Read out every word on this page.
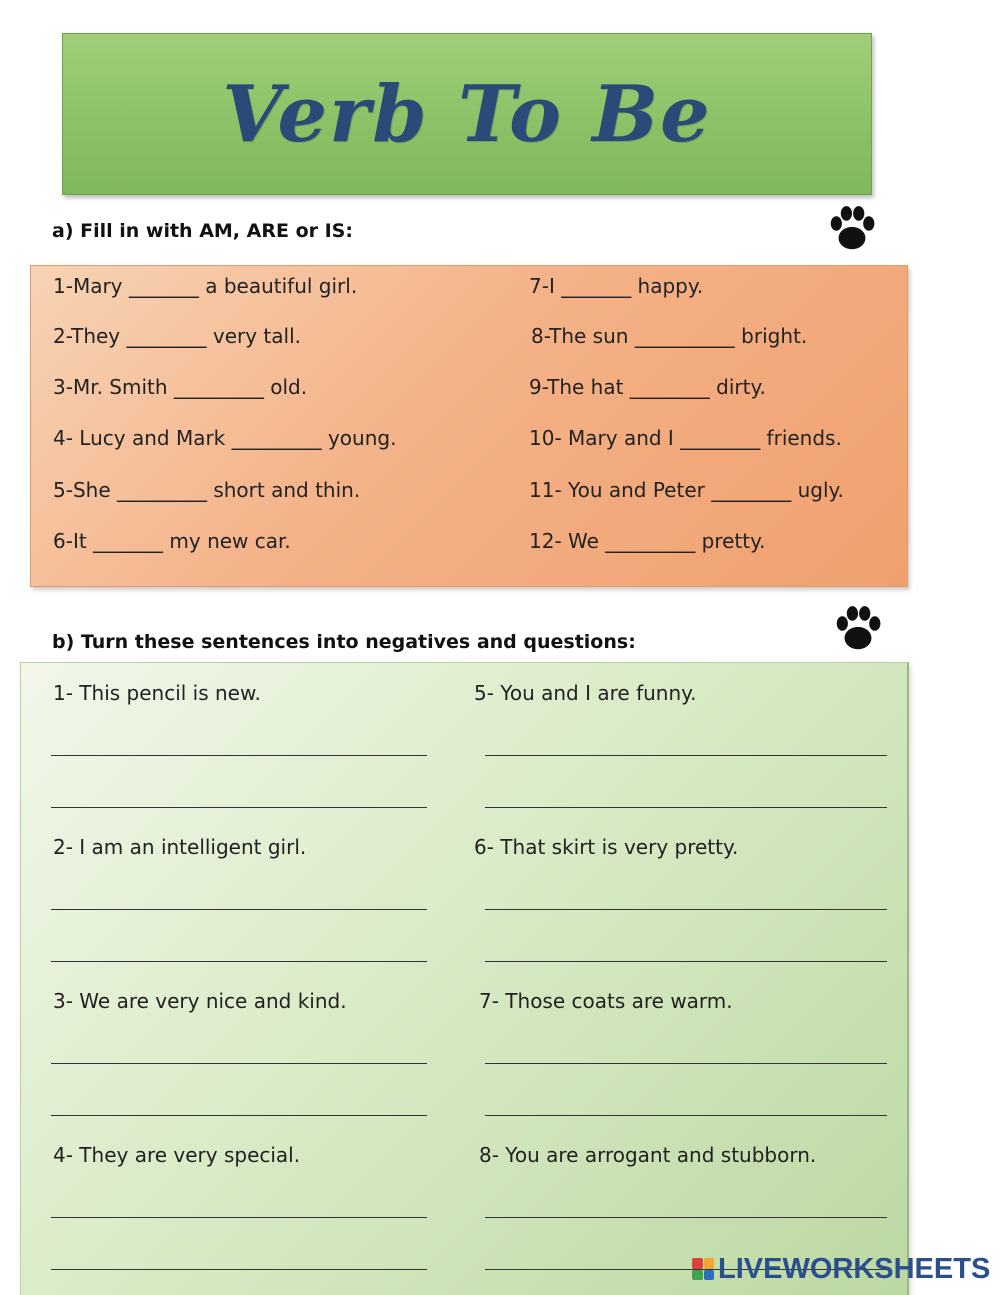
Verb To Be
a) Fill in with AM, ARE or IS:
1-Mary _______ a beautiful girl.
2-They ________ very tall.
3-Mr. Smith _________ old.
4- Lucy and Mark _________ young.
5-She _________ short and thin.
6-It _______ my new car.
7-I _______ happy.
8-The sun __________ bright.
9-The hat ________ dirty.
10- Mary and I ________ friends.
11- You and Peter ________ ugly.
12- We _________ pretty.
b) Turn these sentences into negatives and questions:
1- This pencil is new.
2- I am an intelligent girl.
3- We are very nice and kind.
4- They are very special.
5- You and I are funny.
6- That skirt is very pretty.
7- Those coats are warm.
8- You are arrogant and stubborn.
LIVEWORKSHEETS
